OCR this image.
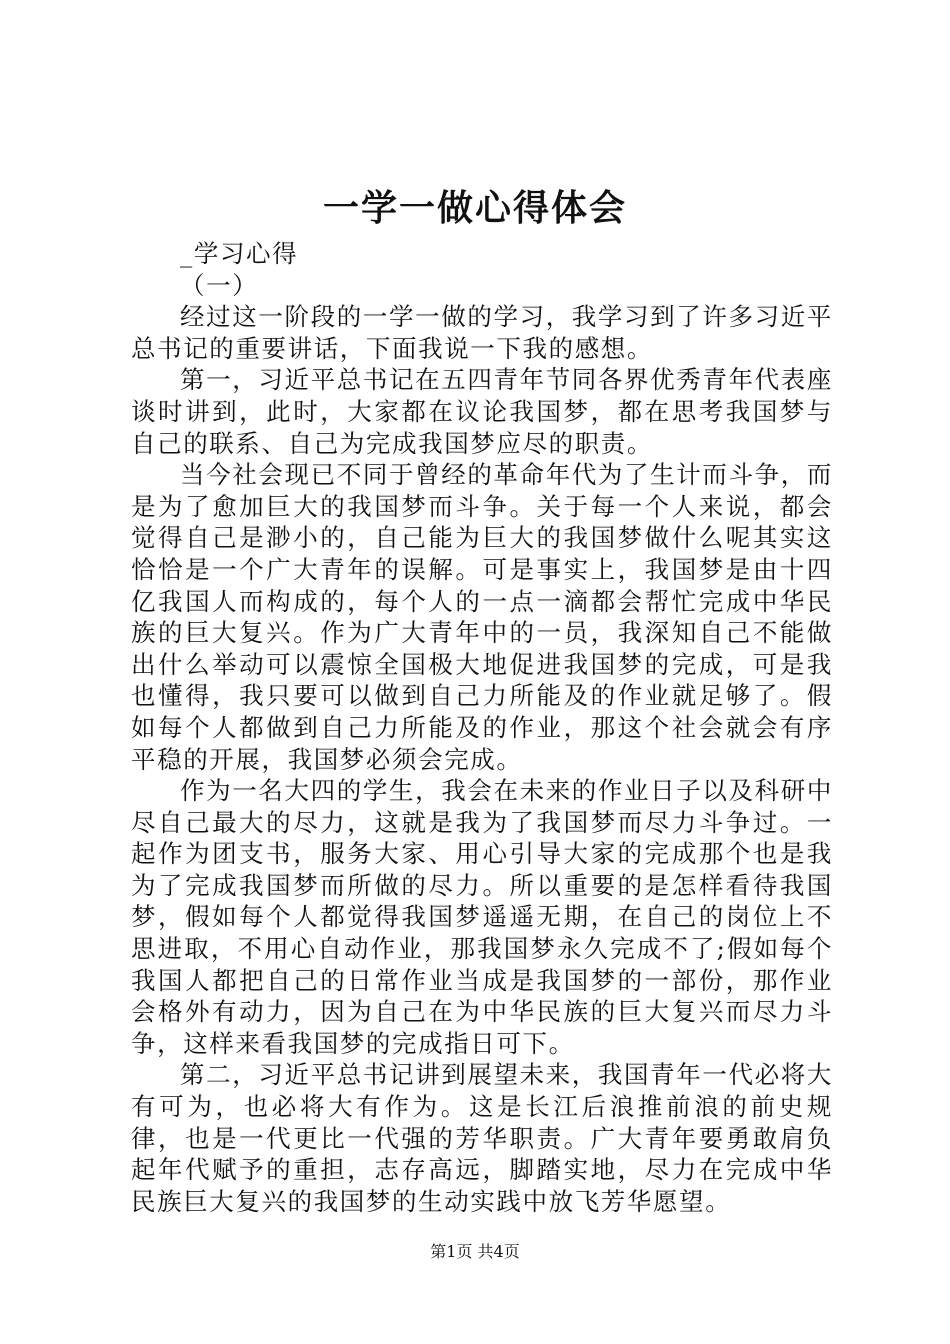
一学一做心得体会

_学习心得

（一）

经过这一阶段的一学一做的学习，我学习到了许多习近平总书记的重要讲话，下面我说一下我的感想。

第一，习近平总书记在五四青年节同各界优秀青年代表座谈时讲到，此时，大家都在议论我国梦，都在思考我国梦与自己的联系、自己为完成我国梦应尽的职责。

当今社会现已不同于曾经的革命年代为了生计而斗争，而是为了愈加巨大的我国梦而斗争。关于每一个人来说，都会觉得自己是渺小的，自己能为巨大的我国梦做什么呢其实这恰恰是一个广大青年的误解。可是事实上，我国梦是由十四亿我国人而构成的，每个人的一点一滴都会帮忙完成中华民族的巨大复兴。作为广大青年中的一员，我深知自己不能做出什么举动可以震惊全国极大地促进我国梦的完成，可是我也懂得，我只要可以做到自己力所能及的作业就足够了。假如每个人都做到自己力所能及的作业，那这个社会就会有序平稳的开展，我国梦必须会完成。

作为一名大四的学生，我会在未来的作业日子以及科研中尽自己最大的尽力，这就是我为了我国梦而尽力斗争过。一起作为团支书，服务大家、用心引导大家的完成那个也是我为了完成我国梦而所做的尽力。所以重要的是怎样看待我国梦，假如每个人都觉得我国梦遥遥无期，在自己的岗位上不思进取，不用心自动作业，那我国梦永久完成不了;假如每个我国人都把自己的日常作业当成是我国梦的一部份，那作业会格外有动力，因为自己在为中华民族的巨大复兴而尽力斗争，这样来看我国梦的完成指日可下。

第二，习近平总书记讲到展望未来，我国青年一代必将大有可为，也必将大有作为。这是长江后浪推前浪的前史规律，也是一代更比一代强的芳华职责。广大青年要勇敢肩负起年代赋予的重担，志存高远，脚踏实地，尽力在完成中华民族巨大复兴的我国梦的生动实践中放飞芳华愿望。

第1页 共4页
